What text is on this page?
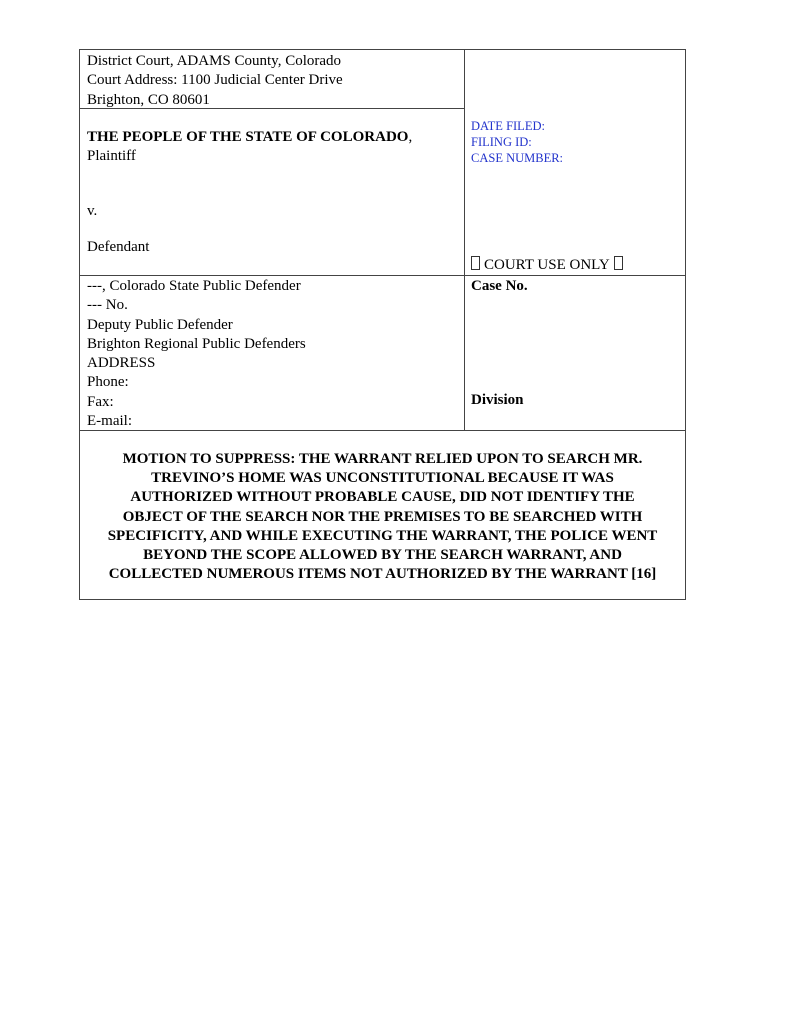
District Court, ADAMS County, Colorado
Court Address: 1100 Judicial Center Drive
Brighton, CO 80601
THE PEOPLE OF THE STATE OF COLORADO,
Plaintiff
v.
Defendant
DATE FILED:
FILING ID:
CASE NUMBER:
COURT USE ONLY
---, Colorado State Public Defender
--- No.
Deputy Public Defender
Brighton Regional Public Defenders
ADDRESS
Phone:
Fax:
E-mail:
Case No.
Division

MOTION TO SUPPRESS: THE WARRANT RELIED UPON TO SEARCH MR.
TREVINO’S HOME WAS UNCONSTITUTIONAL BECAUSE IT WAS
AUTHORIZED WITHOUT PROBABLE CAUSE, DID NOT IDENTIFY THE
OBJECT OF THE SEARCH NOR THE PREMISES TO BE SEARCHED WITH
SPECIFICITY, AND WHILE EXECUTING THE WARRANT, THE POLICE WENT
BEYOND THE SCOPE ALLOWED BY THE SEARCH WARRANT, AND
COLLECTED NUMEROUS ITEMS NOT AUTHORIZED BY THE WARRANT [16]
